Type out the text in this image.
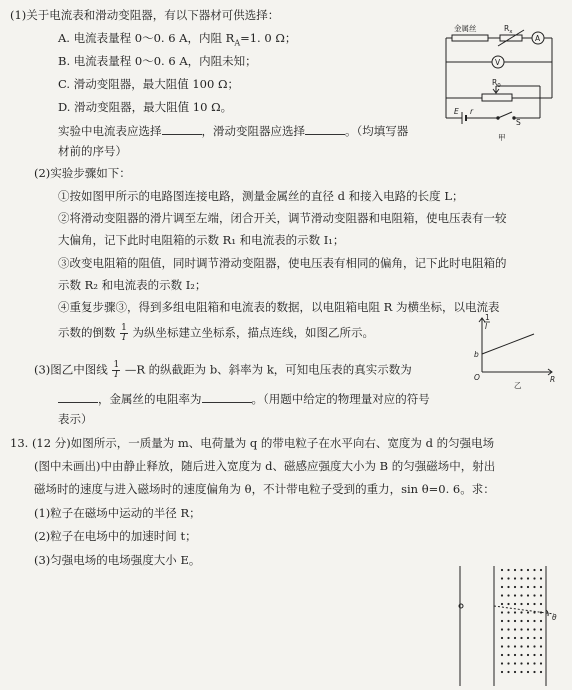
(1)关于电流表和滑动变阻器，有以下器材可供选择：
A. 电流表量程 0～0. 6 A，内阻 $R_A=1$. 0 Ω；
B. 电流表量程 0～0. 6 A，内阻未知；
C. 滑动变阻器，最大阻值 100 Ω；
D. 滑动变阻器，最大阻值 10 Ω。
实验中电流表应选择	，滑动变阻器应选择	。（均填写器
材前的序号）
金属丝	$R_x$
A
V
$R_0$
E r
S
甲
(2)实验步骤如下：
①按如图甲所示的电路图连接电路，测量金属丝的直径 d 和接入电路的长度 L；
②将滑动变阻器的滑片调至左端，闭合开关，调节滑动变阻器和电阻箱，使电压表有一较
大偏角，记下此时电阻箱的示数 R₁ 和电流表的示数 I₁；
③改变电阻箱的阻值，同时调节滑动变阻器，使电压表有相同的偏角，记下此时电阻箱的
示数 R₂ 和电流表的示数 I₂；
④重复步骤③，得到多组电阻箱和电流表的数据，以电阻箱电阻 R 为横坐标，以电流表
示数的倒数 $\frac{1}{I}$ 为纵坐标建立坐标系，描点连线，如图乙所示。
(3)图乙中图线 $\frac{1}{I}$ —R 的纵截距为 b、斜率为 k，可知电压表的真实示数为
，金属丝的电阻率为	。（用题中给定的物理量对应的符号
表示）
1
I
b
O	R
乙
13. (12 分)如图所示，一质量为 m、电荷量为 q 的带电粒子在水平向右、宽度为 d 的匀强电场
(图中未画出)中由静止释放，随后进入宽度为 d、磁感应强度大小为 B 的匀强磁场中，射出
磁场时的速度与进入磁场时的速度偏角为 θ，不计带电粒子受到的重力，sin θ=0. 6。求：
(1)粒子在磁场中运动的半径 R；
(2)粒子在电场中的加速时间 t；
(3)匀强电场的电场强度大小 E。
θ
